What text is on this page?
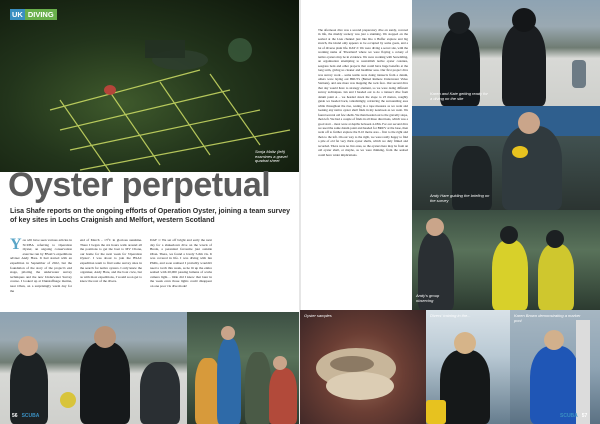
Sonja Maltz (left) examines a gravel quadrat sheet
UK DIVING
Oyster perpetual
Lisa Shafe reports on the ongoing efforts of Operation Oyster, joining a team survey of key sites in Lochs Craignish and Melfort, western Scotland
Y ou will have seen various articles in SCUBA referring to Operation Oyster, an ongoing conservation exercise run by BSAC's expeditions adviser Andy Hare. It had started with an expedition in September of 2022, but the foundation of the story of the project's end stage, piloting the underwater survey techniques and the new Underwater Survey course. I looked up at Dunstaffnage marina, near Oban, on a surprisingly warm day for the
end of March – 13°C in glorious sunshine. There I began the six hours walk around all the positions to get the boat to MV Clione, our home for the next week for 'Operation Oyster'. I was about to join the BSAC expedition team to find some survey sites in the search for native oysters. I only knew the organiser, Andy Hare, and the boat crew, but as with most expeditions, I would soon get to know the rest of the divers.
DAY 1: We set off bright and early the next day for a shakedown dive on the wreck of Breda, a perennial favourite just outside Oban. There, we found a lovely 5-6m vis. It was covered in life. I was diving with Ian Phills, and soon realised I probably wouldn't need a torch this week, as he lit up the entire seabed with 20,000 passing lumens of scuba camera light… little did I know that later in the week even those lights could disappear on one poor vis dive mode!
56 SCUBA
The afternoon dive was a second preparatory dive on sandy, covered in life, the muddy scenery was just a stunning. We stopped on the seabed at the Lieu channel just like Rio à Buffer explore and big stretch, the island only appears to be occupied by some goats, and a lot of diverse plant life. DAY 2: We were diving a secret site, with the working name of 'Priestland' where we were flaying a colony of native oysters may be in evidence. We were working with Seawilding, an organisation attempting to reestablish native oyster colonies, seagrass beds and other projects that could have huge benefits at the long term, giving us cleaner and healthier seas. Our first project dive was survey work – some teams were doing transects from a datum, others were laying out BRUVs (Baited Remote Underwater Video Stations), and one more was mapping the rock face. Our second dive that day would have to strategy element, so we were doing different survey techniques. Ian and I headed out to do a transect dive from datum point A – we headed down the slope to 23 metres, roughly guide we headed back, tantalizingly, retrieving the surrounding area while throughout the rise, resting in a tape measure as we went and looking any native oyster shell finds in my notebook as we went. We found several old few shells. We then headed out to the gravelly slope, then left. We had a couple of finds in all three directions, which was a good start – most were at depths between 4-18m. For our second dive we used the same datum point and headed for BRUV at the base, then went off to further explore the 8-10 metre area – first to the right and then to the left. On our way to the right, we were really happy to find a pile of old fat very thick oyster shells, which we duly filmed and recorded. There were no live ones, so the oysters here may be from an old oyster shell, or maybe, as we were thinking, from the seabed could have wider implications.
Karen and Kate getting ready for a diving on the site
Andy Hare guiding the briefing on the survey
Andy's group observing
Oyster samples	Divers' training in the...	Karen Brown demonstrating a marker pool
SCUBA 57
